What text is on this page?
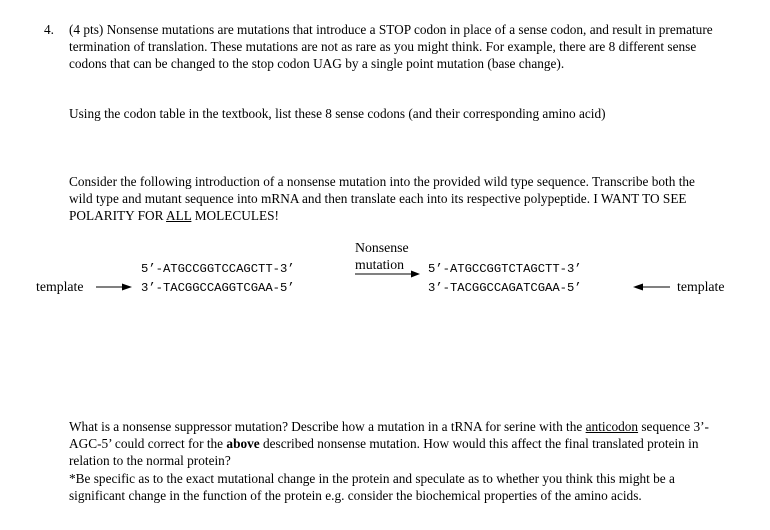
4. (4 pts) Nonsense mutations are mutations that introduce a STOP codon in place of a sense codon, and result in premature termination of translation. These mutations are not as rare as you might think. For example, there are 8 different sense codons that can be changed to the stop codon UAG by a single point mutation (base change).

Using the codon table in the textbook, list these 8 sense codons (and their corresponding amino acid)

Consider the following introduction of a nonsense mutation into the provided wild type sequence. Transcribe both the wild type and mutant sequence into mRNA and then translate each into its respective polypeptide. I WANT TO SEE POLARITY FOR ALL MOLECULES!

5’-ATGCCGGTCCAGCTT-3’
3’-TACGGCCAGGTCGAA-5’
Nonsense
mutation 5’-ATGCCGGTCTAGCTT-3’
3’-TACGGCCAGATCGAA-5’
template	template

What is a nonsense suppressor mutation? Describe how a mutation in a tRNA for serine with the anticodon sequence 3’-AGC-5’ could correct for the above described nonsense mutation. How would this affect the final translated protein in relation to the normal protein?
*Be specific as to the exact mutational change in the protein and speculate as to whether you think this might be a significant change in the function of the protein e.g. consider the biochemical properties of the amino acids.
